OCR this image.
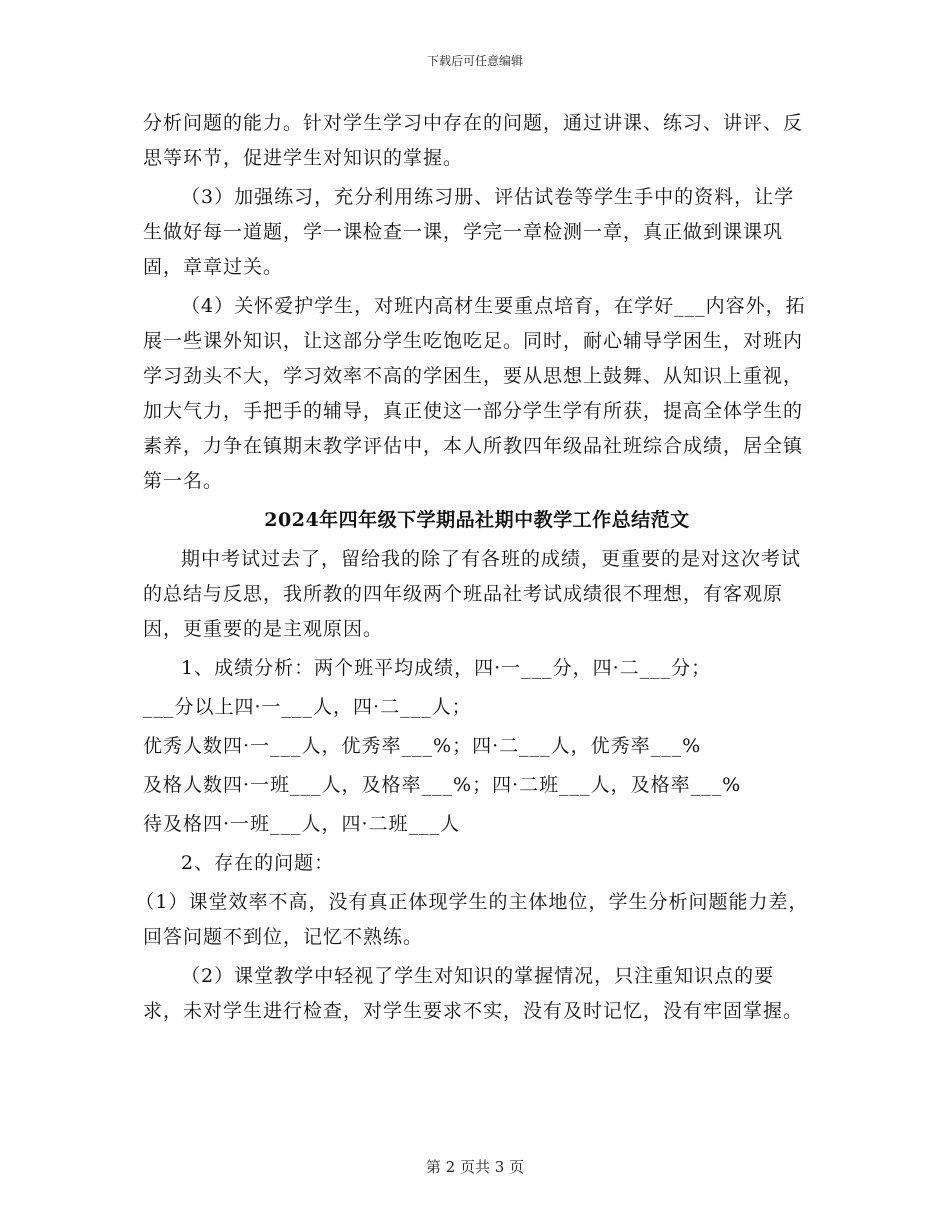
下载后可任意编辑

分析问题的能力。针对学生学习中存在的问题，通过讲课、练习、讲评、反思等环节，促进学生对知识的掌握。

（3）加强练习，充分利用练习册、评估试卷等学生手中的资料，让学生做好每一道题，学一课检查一课，学完一章检测一章，真正做到课课巩固，章章过关。

（4）关怀爱护学生，对班内高材生要重点培育，在学好___内容外，拓展一些课外知识，让这部分学生吃饱吃足。同时，耐心辅导学困生，对班内学习劲头不大，学习效率不高的学困生，要从思想上鼓舞、从知识上重视，加大气力，手把手的辅导，真正使这一部分学生学有所获，提高全体学生的素养，力争在镇期末教学评估中，本人所教四年级品社班综合成绩，居全镇第一名。

2024年四年级下学期品社期中教学工作总结范文

期中考试过去了，留给我的除了有各班的成绩，更重要的是对这次考试的总结与反思，我所教的四年级两个班品社考试成绩很不理想，有客观原因，更重要的是主观原因。

1、成绩分析：两个班平均成绩，四·一___分，四·二___分；

___分以上四·一___人，四·二___人；

优秀人数四·一___人，优秀率___%；四·二___人，优秀率___%

及格人数四·一班___人，及格率___%；四·二班___人，及格率___%

待及格四·一班___人，四·二班___人

2、存在的问题：

（1）课堂效率不高，没有真正体现学生的主体地位，学生分析问题能力差，回答问题不到位，记忆不熟练。

（2）课堂教学中轻视了学生对知识的掌握情况，只注重知识点的要求，未对学生进行检查，对学生要求不实，没有及时记忆，没有牢固掌握。

第 2 页共 3 页
